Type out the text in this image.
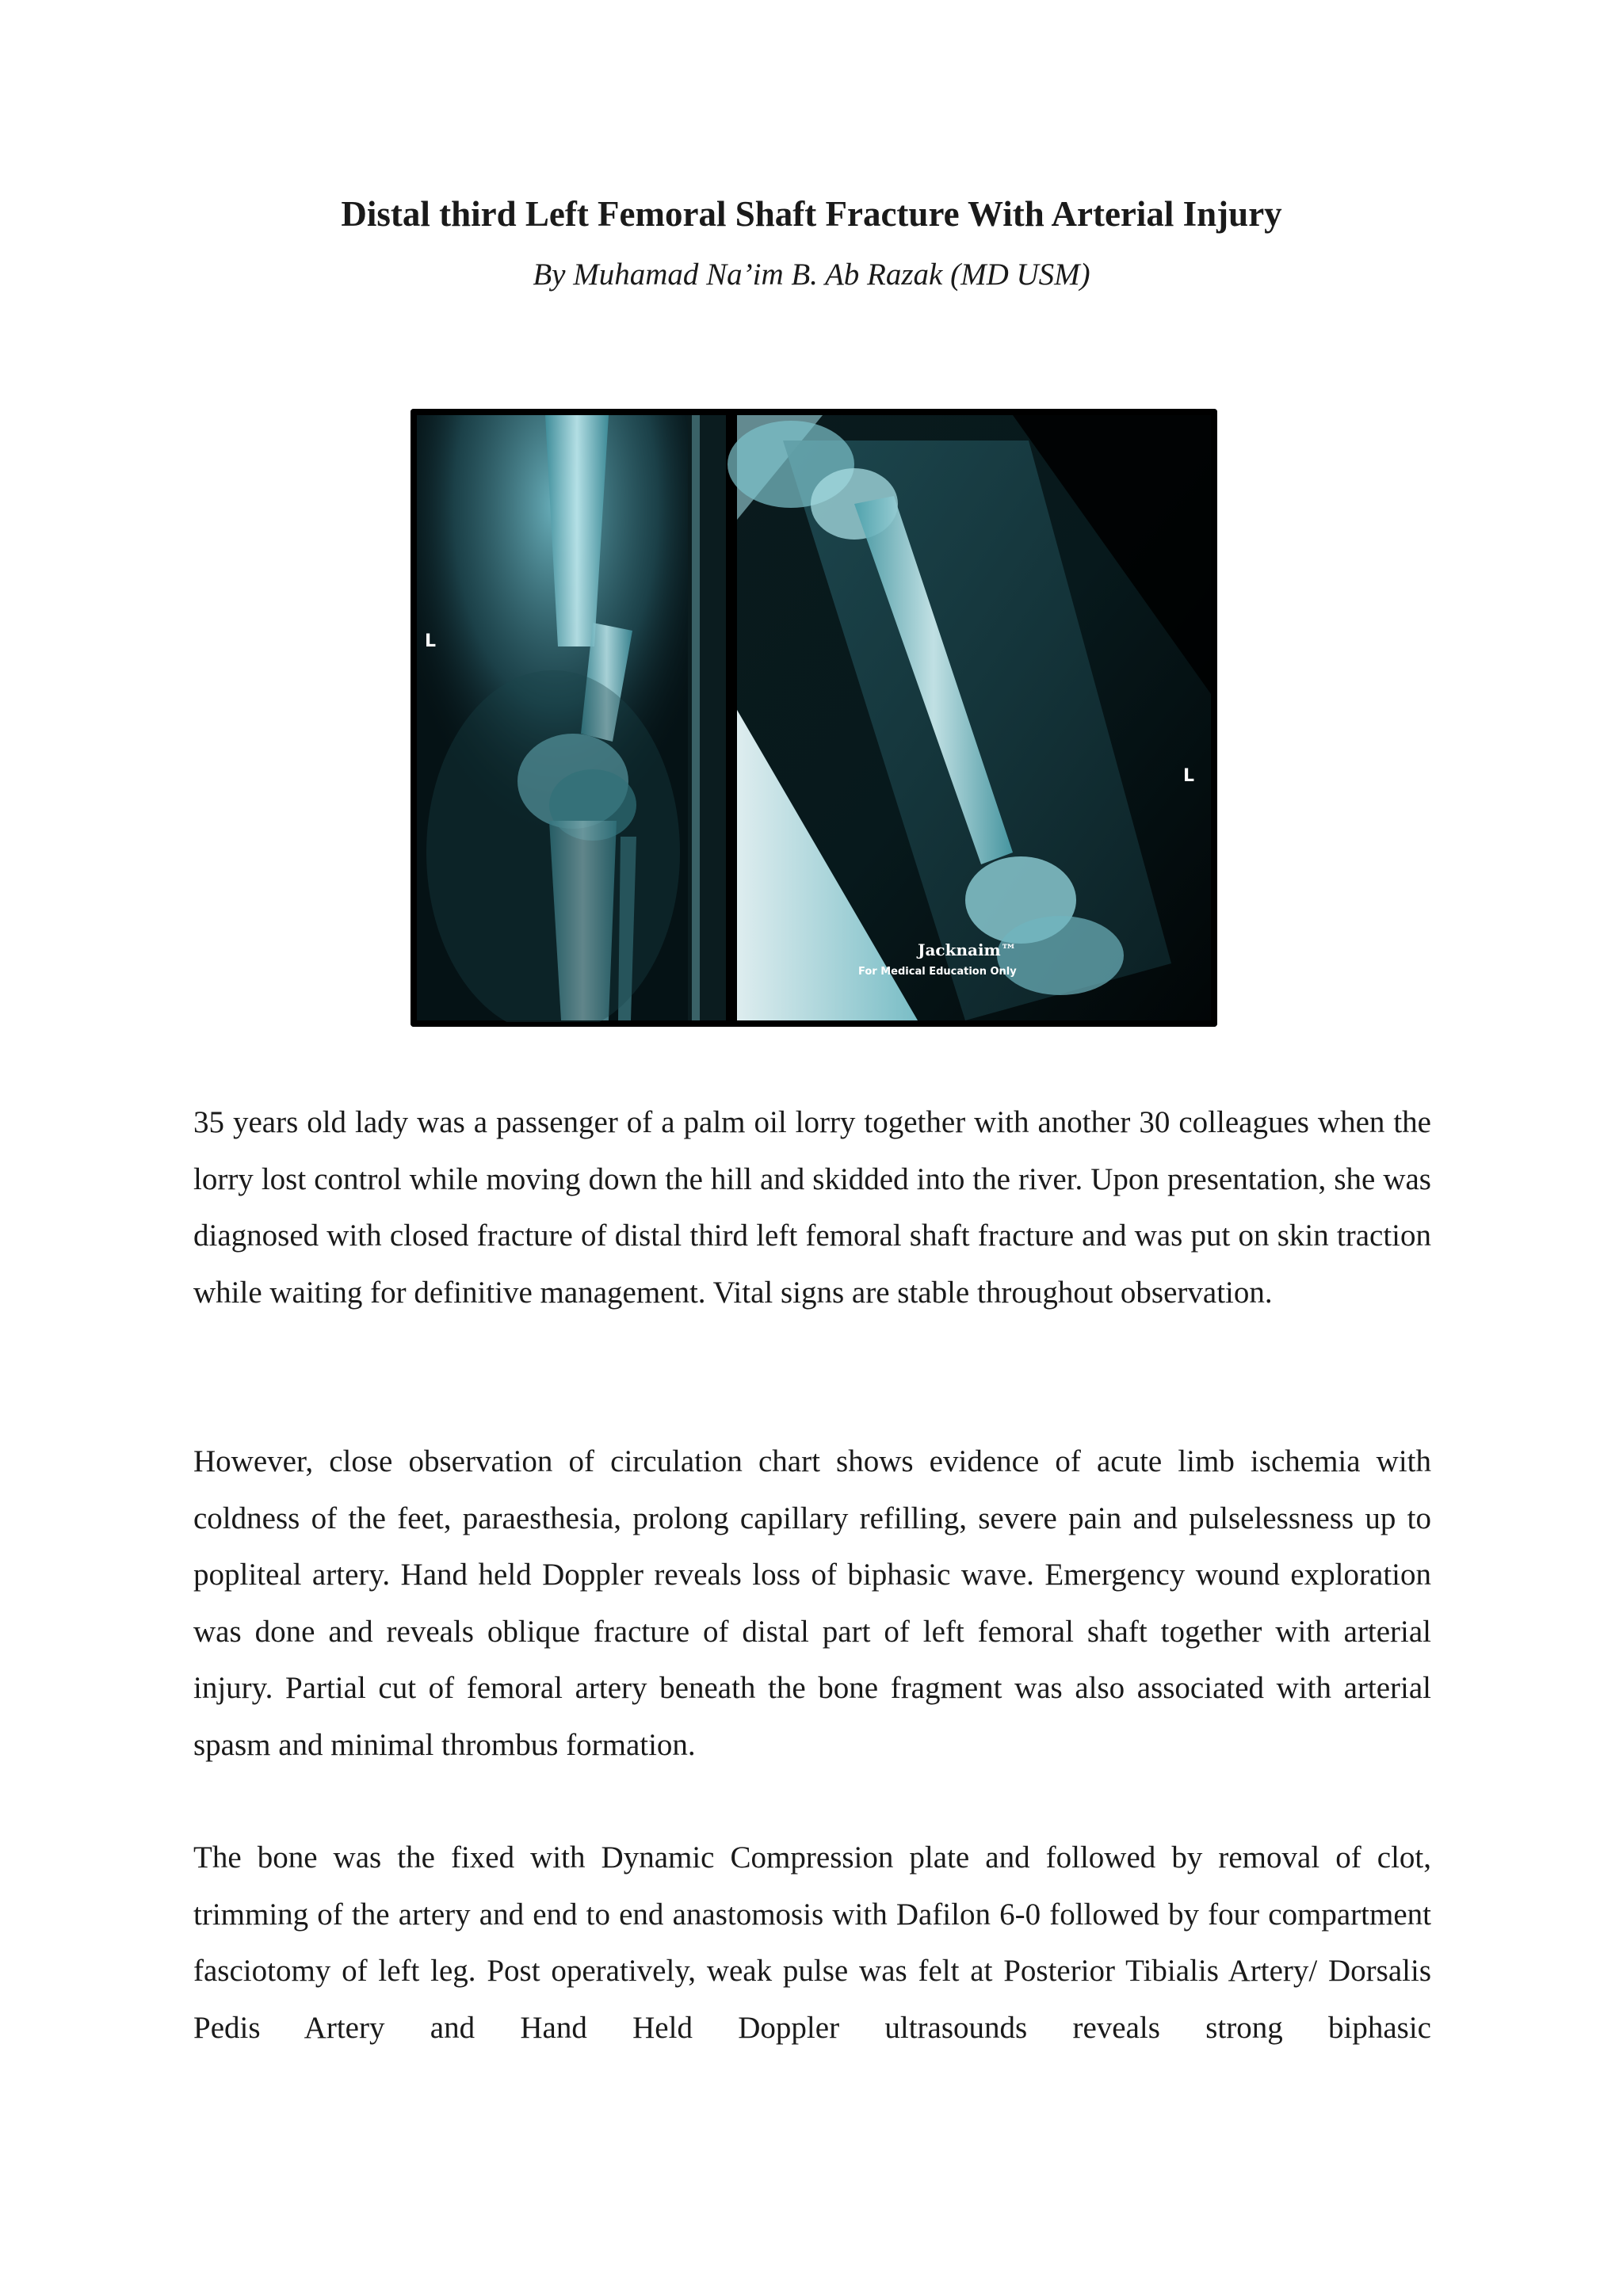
Distal third Left Femoral Shaft Fracture With Arterial Injury
By Muhamad Na’im B. Ab Razak (MD USM)
L
L
Jacknaim™
For Medical Education Only

35 years old lady was a passenger of a palm oil lorry together with another 30 colleagues when the lorry lost control while moving down the hill and skidded into the river. Upon presentation, she was diagnosed with closed fracture of distal third left femoral shaft fracture and was put on skin traction while waiting for definitive management. Vital signs are stable throughout observation.

However, close observation of circulation chart shows evidence of acute limb ischemia with coldness of the feet, paraesthesia, prolong capillary refilling, severe pain and pulselessness up to popliteal artery. Hand held Doppler reveals loss of biphasic wave. Emergency wound exploration was done and reveals oblique fracture of distal part of left femoral shaft together with arterial injury. Partial cut of femoral artery beneath the bone fragment was also associated with arterial spasm and minimal thrombus formation.

The bone was the fixed with Dynamic Compression plate and followed by removal of clot, trimming of the artery and end to end anastomosis with Dafilon 6-0 followed by four compartment fasciotomy of left leg. Post operatively, weak pulse was felt at Posterior Tibialis Artery/ Dorsalis Pedis Artery and Hand Held Doppler ultrasounds reveals strong biphasic
